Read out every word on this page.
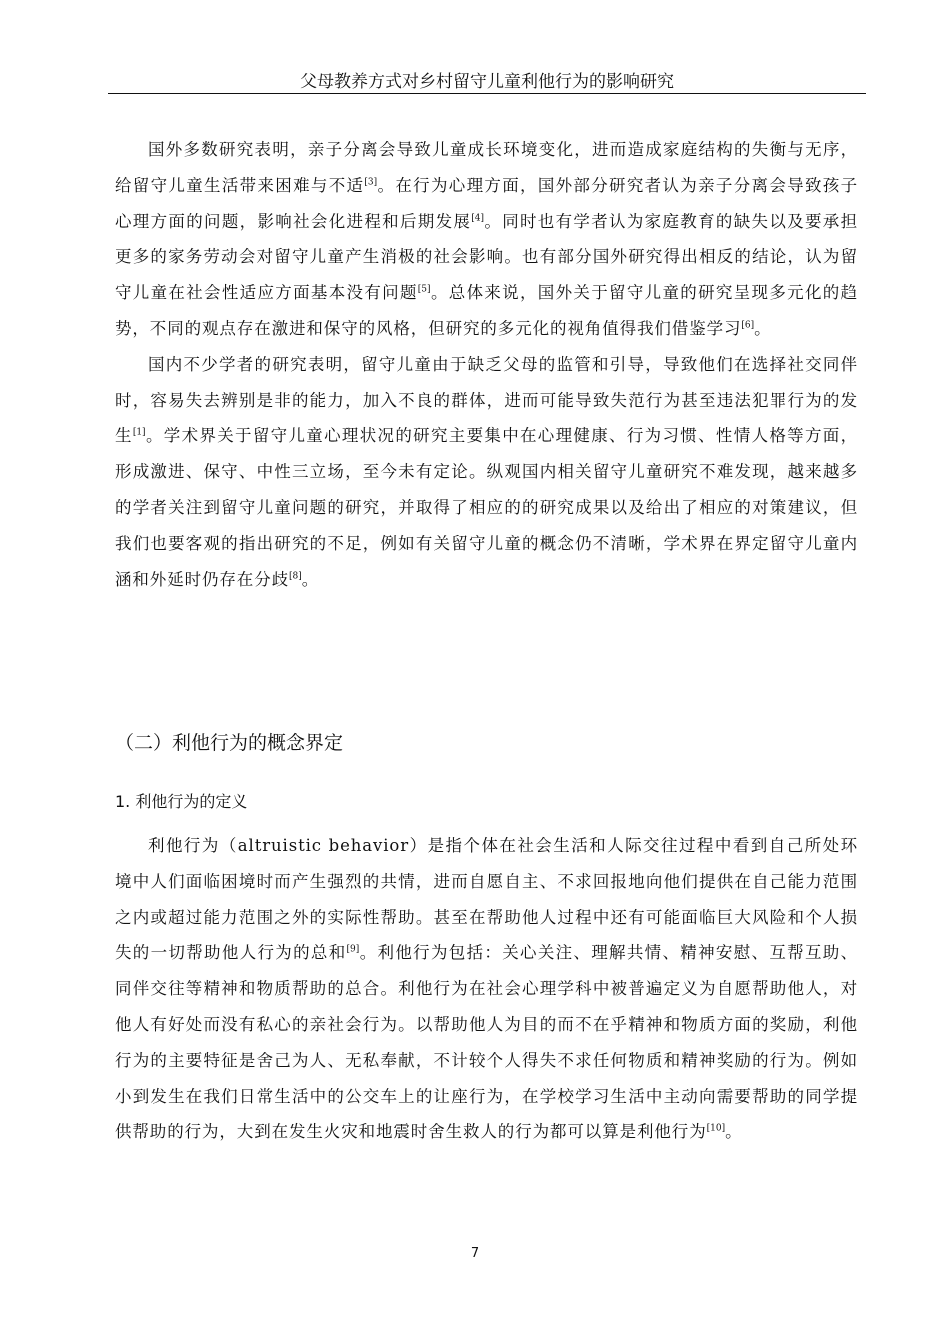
父母教养方式对乡村留守儿童利他行为的影响研究

国外多数研究表明，亲子分离会导致儿童成长环境变化，进而造成家庭结构的失衡与无序，给留守儿童生活带来困难与不适[3]。在行为心理方面，国外部分研究者认为亲子分离会导致孩子心理方面的问题，影响社会化进程和后期发展[4]。同时也有学者认为家庭教育的缺失以及要承担更多的家务劳动会对留守儿童产生消极的社会影响。也有部分国外研究得出相反的结论，认为留守儿童在社会性适应方面基本没有问题[5]。总体来说，国外关于留守儿童的研究呈现多元化的趋势，不同的观点存在激进和保守的风格，但研究的多元化的视角值得我们借鉴学习[6]。

国内不少学者的研究表明，留守儿童由于缺乏父母的监管和引导，导致他们在选择社交同伴时，容易失去辨别是非的能力，加入不良的群体，进而可能导致失范行为甚至违法犯罪行为的发生[1]。学术界关于留守儿童心理状况的研究主要集中在心理健康、行为习惯、性情人格等方面，形成激进、保守、中性三立场，至今未有定论。纵观国内相关留守儿童研究不难发现，越来越多的学者关注到留守儿童问题的研究，并取得了相应的的研究成果以及给出了相应的对策建议，但我们也要客观的指出研究的不足，例如有关留守儿童的概念仍不清晰，学术界在界定留守儿童内涵和外延时仍存在分歧[8]。

（二）利他行为的概念界定
1. 利他行为的定义

利他行为（altruistic behavior）是指个体在社会生活和人际交往过程中看到自己所处环境中人们面临困境时而产生强烈的共情，进而自愿自主、不求回报地向他们提供在自己能力范围之内或超过能力范围之外的实际性帮助。甚至在帮助他人过程中还有可能面临巨大风险和个人损失的一切帮助他人行为的总和[9]。利他行为包括：关心关注、理解共情、精神安慰、互帮互助、同伴交往等精神和物质帮助的总合。利他行为在社会心理学科中被普遍定义为自愿帮助他人，对他人有好处而没有私心的亲社会行为。以帮助他人为目的而不在乎精神和物质方面的奖励，利他行为的主要特征是舍己为人、无私奉献，不计较个人得失不求任何物质和精神奖励的行为。例如小到发生在我们日常生活中的公交车上的让座行为，在学校学习生活中主动向需要帮助的同学提供帮助的行为，大到在发生火灾和地震时舍生救人的行为都可以算是利他行为[10]。

7
